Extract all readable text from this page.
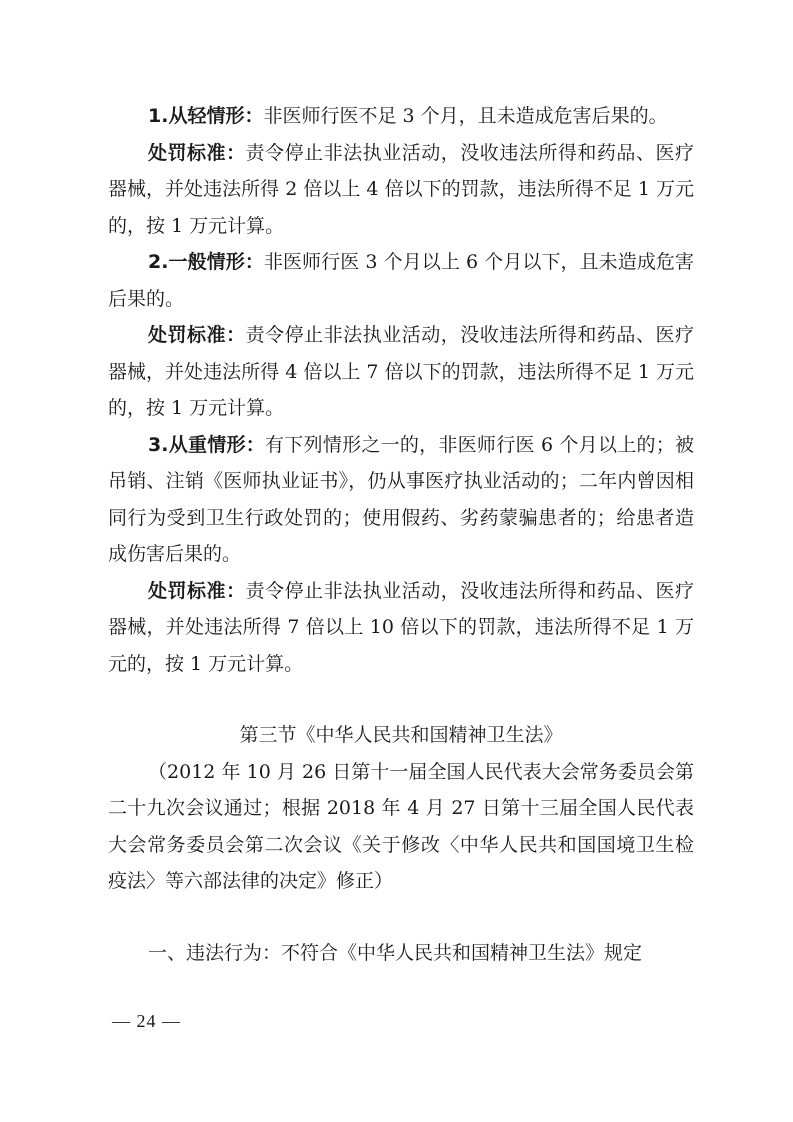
1.从轻情形：非医师行医不足 3 个月，且未造成危害后果的。

处罚标准：责令停止非法执业活动，没收违法所得和药品、医疗器械，并处违法所得 2 倍以上 4 倍以下的罚款，违法所得不足 1 万元的，按 1 万元计算。

2.一般情形：非医师行医 3 个月以上 6 个月以下，且未造成危害后果的。

处罚标准：责令停止非法执业活动，没收违法所得和药品、医疗器械，并处违法所得 4 倍以上 7 倍以下的罚款，违法所得不足 1 万元的，按 1 万元计算。

3.从重情形：有下列情形之一的，非医师行医 6 个月以上的；被吊销、注销《医师执业证书》，仍从事医疗执业活动的；二年内曾因相同行为受到卫生行政处罚的；使用假药、劣药蒙骗患者的；给患者造成伤害后果的。

处罚标准：责令停止非法执业活动，没收违法所得和药品、医疗器械，并处违法所得 7 倍以上 10 倍以下的罚款，违法所得不足 1 万元的，按 1 万元计算。

第三节《中华人民共和国精神卫生法》

（2012 年 10 月 26 日第十一届全国人民代表大会常务委员会第二十九次会议通过；根据 2018 年 4 月 27 日第十三届全国人民代表大会常务委员会第二次会议《关于修改〈中华人民共和国国境卫生检疫法〉等六部法律的决定》修正）

一、违法行为：不符合《中华人民共和国精神卫生法》规定

— 24 —
